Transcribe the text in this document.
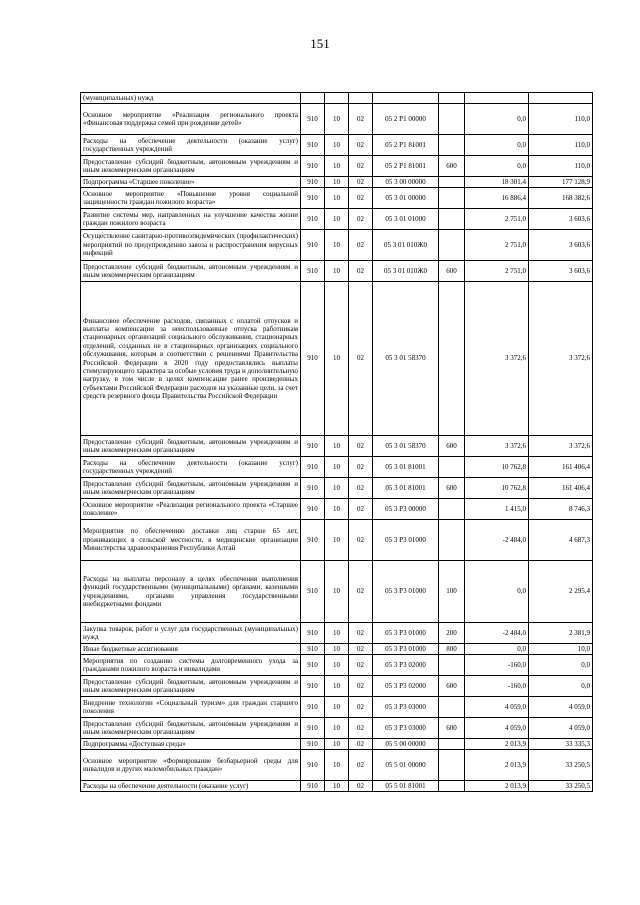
151
(муниципальных) нужд							
Основное мероприятие «Реализация регионального проекта «Финансовая поддержка семей при рождении детей»	910	10	02	05 2 P1 00000		0,0	110,0
Расходы на обеспечение деятельности (оказание услуг) государственных учреждений	910	10	02	05 2 P1 81001		0,0	110,0
Предоставление субсидий бюджетным, автономным учреждениям и иным некоммерческим организациям	910	10	02	05 2 P1 81001	600	0,0	110,0
Подпрограмма «Старшее поколение»	910	10	02	05 3 00 00000		18 301,4	177 128,9
Основное мероприятие «Повышение уровня социальной защищенности граждан пожилого возраста»	910	10	02	05 3 01 00000		16 886,4	168 382,6
Развитие системы мер, направленных на улучшение качества жизни граждан пожилого возраста	910	10	02	05 3 01 01000		2 751,0	3 603,6
Осуществление санитарно-противоэпидемических (профилактических) мероприятий по предупреждению завоза и распространения вирусных инфекций	910	10	02	05 3 01 010Ж0		2 751,0	3 603,6
Предоставление субсидий бюджетным, автономным учреждениям и иным некоммерческим организациям	910	10	02	05 3 01 010Ж0	600	2 751,0	3 603,6
Финансовое обеспечение расходов, связанных с оплатой отпусков и выплаты компенсации за неиспользованные отпуска работникам стационарных организаций социального обслуживания, стационарных отделений, созданных не в стационарных организациях социального обслуживания, которым в соответствии с решениями Правительства Российской Федерации в 2020 году предоставлялись выплаты стимулирующего характера за особые условия труда и дополнительную нагрузку, в том числе в целях компенсации ранее произведенных субъектами Российской Федерации расходов на указанные цели, за счет средств резервного фонда Правительства Российской Федерации	910	10	02	05 3 01 58370		3 372,6	3 372,6
Предоставление субсидий бюджетным, автономным учреждениям и иным некоммерческим организациям	910	10	02	05 3 01 58370	600	3 372,6	3 372,6
Расходы на обеспечение деятельности (оказание услуг) государственных учреждений	910	10	02	05 3 01 81001		10 762,8	161 406,4
Предоставление субсидий бюджетным, автономным учреждениям и иным некоммерческим организациям	910	10	02	05 3 01 81001	600	10 762,8	161 406,4
Основное мероприятие «Реализация регионального проекта «Старшее поколение»	910	10	02	05 3 P3 00000		1 415,0	8 746,3
Мероприятия по обеспечению доставки лиц старше 65 лет, проживающих в сельской местности, в медицинские организации Министерства здравоохранения Республики Алтай	910	10	02	05 3 P3 01000		-2 484,0	4 687,3
Расходы на выплаты персоналу в целях обеспечения выполнения функций государственными (муниципальными) органами, казенными учреждениями, органами управления государственными внебюджетными фондами	910	10	02	05 3 P3 01000	100	0,0	2 295,4
Закупка товаров, работ и услуг для государственных (муниципальных) нужд	910	10	02	05 3 P3 01000	200	-2 484,0	2 381,9
Иные бюджетные ассигнования	910	10	02	05 3 P3 01000	800	0,0	10,0
Мероприятия по созданию системы долговременного ухода за гражданами пожилого возраста и инвалидами	910	10	02	05 3 P3 02000		-160,0	0,0
Предоставление субсидий бюджетным, автономным учреждениям и иным некоммерческим организациям	910	10	02	05 3 P3 02000	600	-160,0	0,0
Внедрение технологии «Социальный туризм» для граждан старшего поколения	910	10	02	05 3 P3 03000		4 059,0	4 059,0
Предоставление субсидий бюджетным, автономным учреждениям и иным некоммерческим организациям	910	10	02	05 3 P3 03000	600	4 059,0	4 059,0
Подпрограмма «Доступная среда»	910	10	02	05 5 00 00000		2 013,9	33 335,3
Основное мероприятие «Формирование безбарьерной среды для инвалидов и других маломобильных граждан»	910	10	02	05 5 01 00000		2 013,9	33 250,5
Расходы на обеспечение деятельности (оказание услуг)	910	10	02	05 5 01 81001		2 013,9	33 250,5
